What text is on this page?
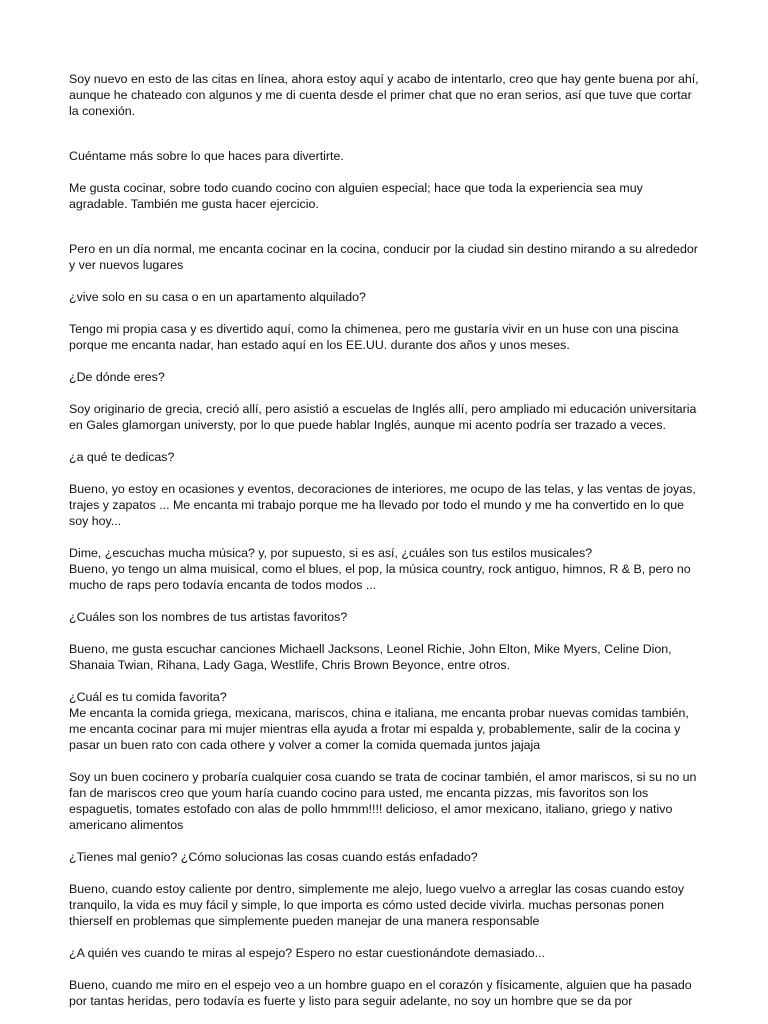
Soy nuevo en esto de las citas en línea, ahora estoy aquí y acabo de intentarlo, creo que hay gente buena por ahí, aunque he chateado con algunos y me di cuenta desde el primer chat que no eran serios, así que tuve que cortar la conexión.

Cuéntame más sobre lo que haces para divertirte.

Me gusta cocinar, sobre todo cuando cocino con alguien especial; hace que toda la experiencia sea muy agradable. También me gusta hacer ejercicio.

Pero en un día normal, me encanta cocinar en la cocina, conducir por la ciudad sin destino mirando a su alrededor y ver nuevos lugares

¿vive solo en su casa o en un apartamento alquilado?

Tengo mi propia casa y es divertido aquí, como la chimenea, pero me gustaría vivir en un huse con una piscina porque me encanta nadar, han estado aquí en los EE.UU. durante dos años y unos meses.

¿De dónde eres?

Soy originario de grecia, creció allí, pero asistió a escuelas de Inglés allí, pero ampliado mi educación universitaria en Gales glamorgan universty, por lo que puede hablar Inglés, aunque mi acento podría ser trazado a veces.

¿a qué te dedicas?

Bueno, yo estoy en ocasiones y eventos, decoraciones de interiores, me ocupo de las telas, y las ventas de joyas, trajes y zapatos ... Me encanta mi trabajo porque me ha llevado por todo el mundo y me ha convertido en lo que soy hoy...

Dime, ¿escuchas mucha música? y, por supuesto, si es así, ¿cuáles son tus estilos musicales?

Bueno, yo tengo un alma muisical, como el blues, el pop, la música country, rock antiguo, himnos, R & B, pero no mucho de raps pero todavía encanta de todos modos ...

¿Cuáles son los nombres de tus artistas favoritos?

Bueno, me gusta escuchar canciones Michaell Jacksons, Leonel Richie, John Elton, Mike Myers, Celine Dion, Shanaia Twian, Rihana, Lady Gaga, Westlife, Chris Brown Beyonce, entre otros.

¿Cuál es tu comida favorita?

Me encanta la comida griega, mexicana, mariscos, china e italiana, me encanta probar nuevas comidas también, me encanta cocinar para mi mujer mientras ella ayuda a frotar mi espalda y, probablemente, salir de la cocina y pasar un buen rato con cada othere y volver a comer la comida quemada juntos jajaja

Soy un buen cocinero y probaría cualquier cosa cuando se trata de cocinar también, el amor mariscos, si su no un fan de mariscos creo que youm haría cuando cocino para usted, me encanta pizzas, mis favoritos son los espaguetis, tomates estofado con alas de pollo hmmm!!!! delicioso, el amor mexicano, italiano, griego y nativo americano alimentos

¿Tienes mal genio? ¿Cómo solucionas las cosas cuando estás enfadado?

Bueno, cuando estoy caliente por dentro, simplemente me alejo, luego vuelvo a arreglar las cosas cuando estoy tranquilo, la vida es muy fácil y simple, lo que importa es cómo usted decide vivirla. muchas personas ponen thierself en problemas que simplemente pueden manejar de una manera responsable

¿A quién ves cuando te miras al espejo? Espero no estar cuestionándote demasiado...

Bueno, cuando me miro en el espejo veo a un hombre guapo en el corazón y físicamente, alguien que ha pasado por tantas heridas, pero todavía es fuerte y listo para seguir adelante, no soy un hombre que se da por
